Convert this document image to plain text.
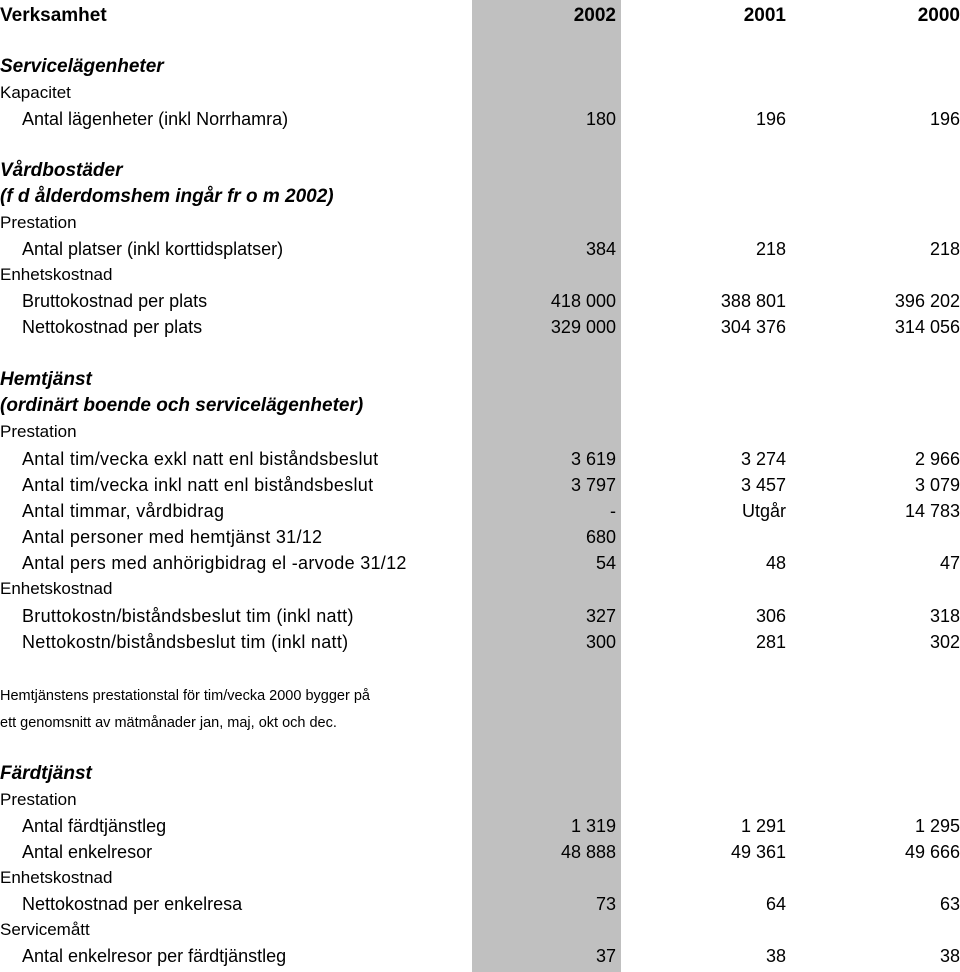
Verksamhet	2002	2001	2000
Servicelägenheter
Kapacitet
Antal lägenheter (inkl Norrhamra)	180	196	196
Vårdbostäder
(f d ålderdomshem ingår fr o m 2002)
Prestation
Antal platser (inkl korttidsplatser)	384	218	218
Enhetskostnad
Bruttokostnad per plats	418 000	388 801	396 202
Nettokostnad per plats	329 000	304 376	314 056
Hemtjänst
(ordinärt boende och servicelägenheter)
Prestation
Antal tim/vecka exkl natt enl biståndsbeslut	3 619	3 274	2 966
Antal tim/vecka inkl natt enl biståndsbeslut	3 797	3 457	3 079
Antal timmar, vårdbidrag	-	Utgår	14 783
Antal personer med hemtjänst 31/12	680
Antal pers med anhörigbidrag el -arvode 31/12	54	48	47
Enhetskostnad
Bruttokostn/biståndsbeslut tim (inkl natt)	327	306	318
Nettokostn/biståndsbeslut tim (inkl natt)	300	281	302
Hemtjänstens prestationstal för tim/vecka 2000 bygger på
ett genomsnitt av mätmånader jan, maj, okt och dec.
Färdtjänst
Prestation
Antal färdtjänstleg	1 319	1 291	1 295
Antal enkelresor	48 888	49 361	49 666
Enhetskostnad
Nettokostnad per enkelresa	73	64	63
Servicemått
Antal enkelresor per färdtjänstleg	37	38	38
